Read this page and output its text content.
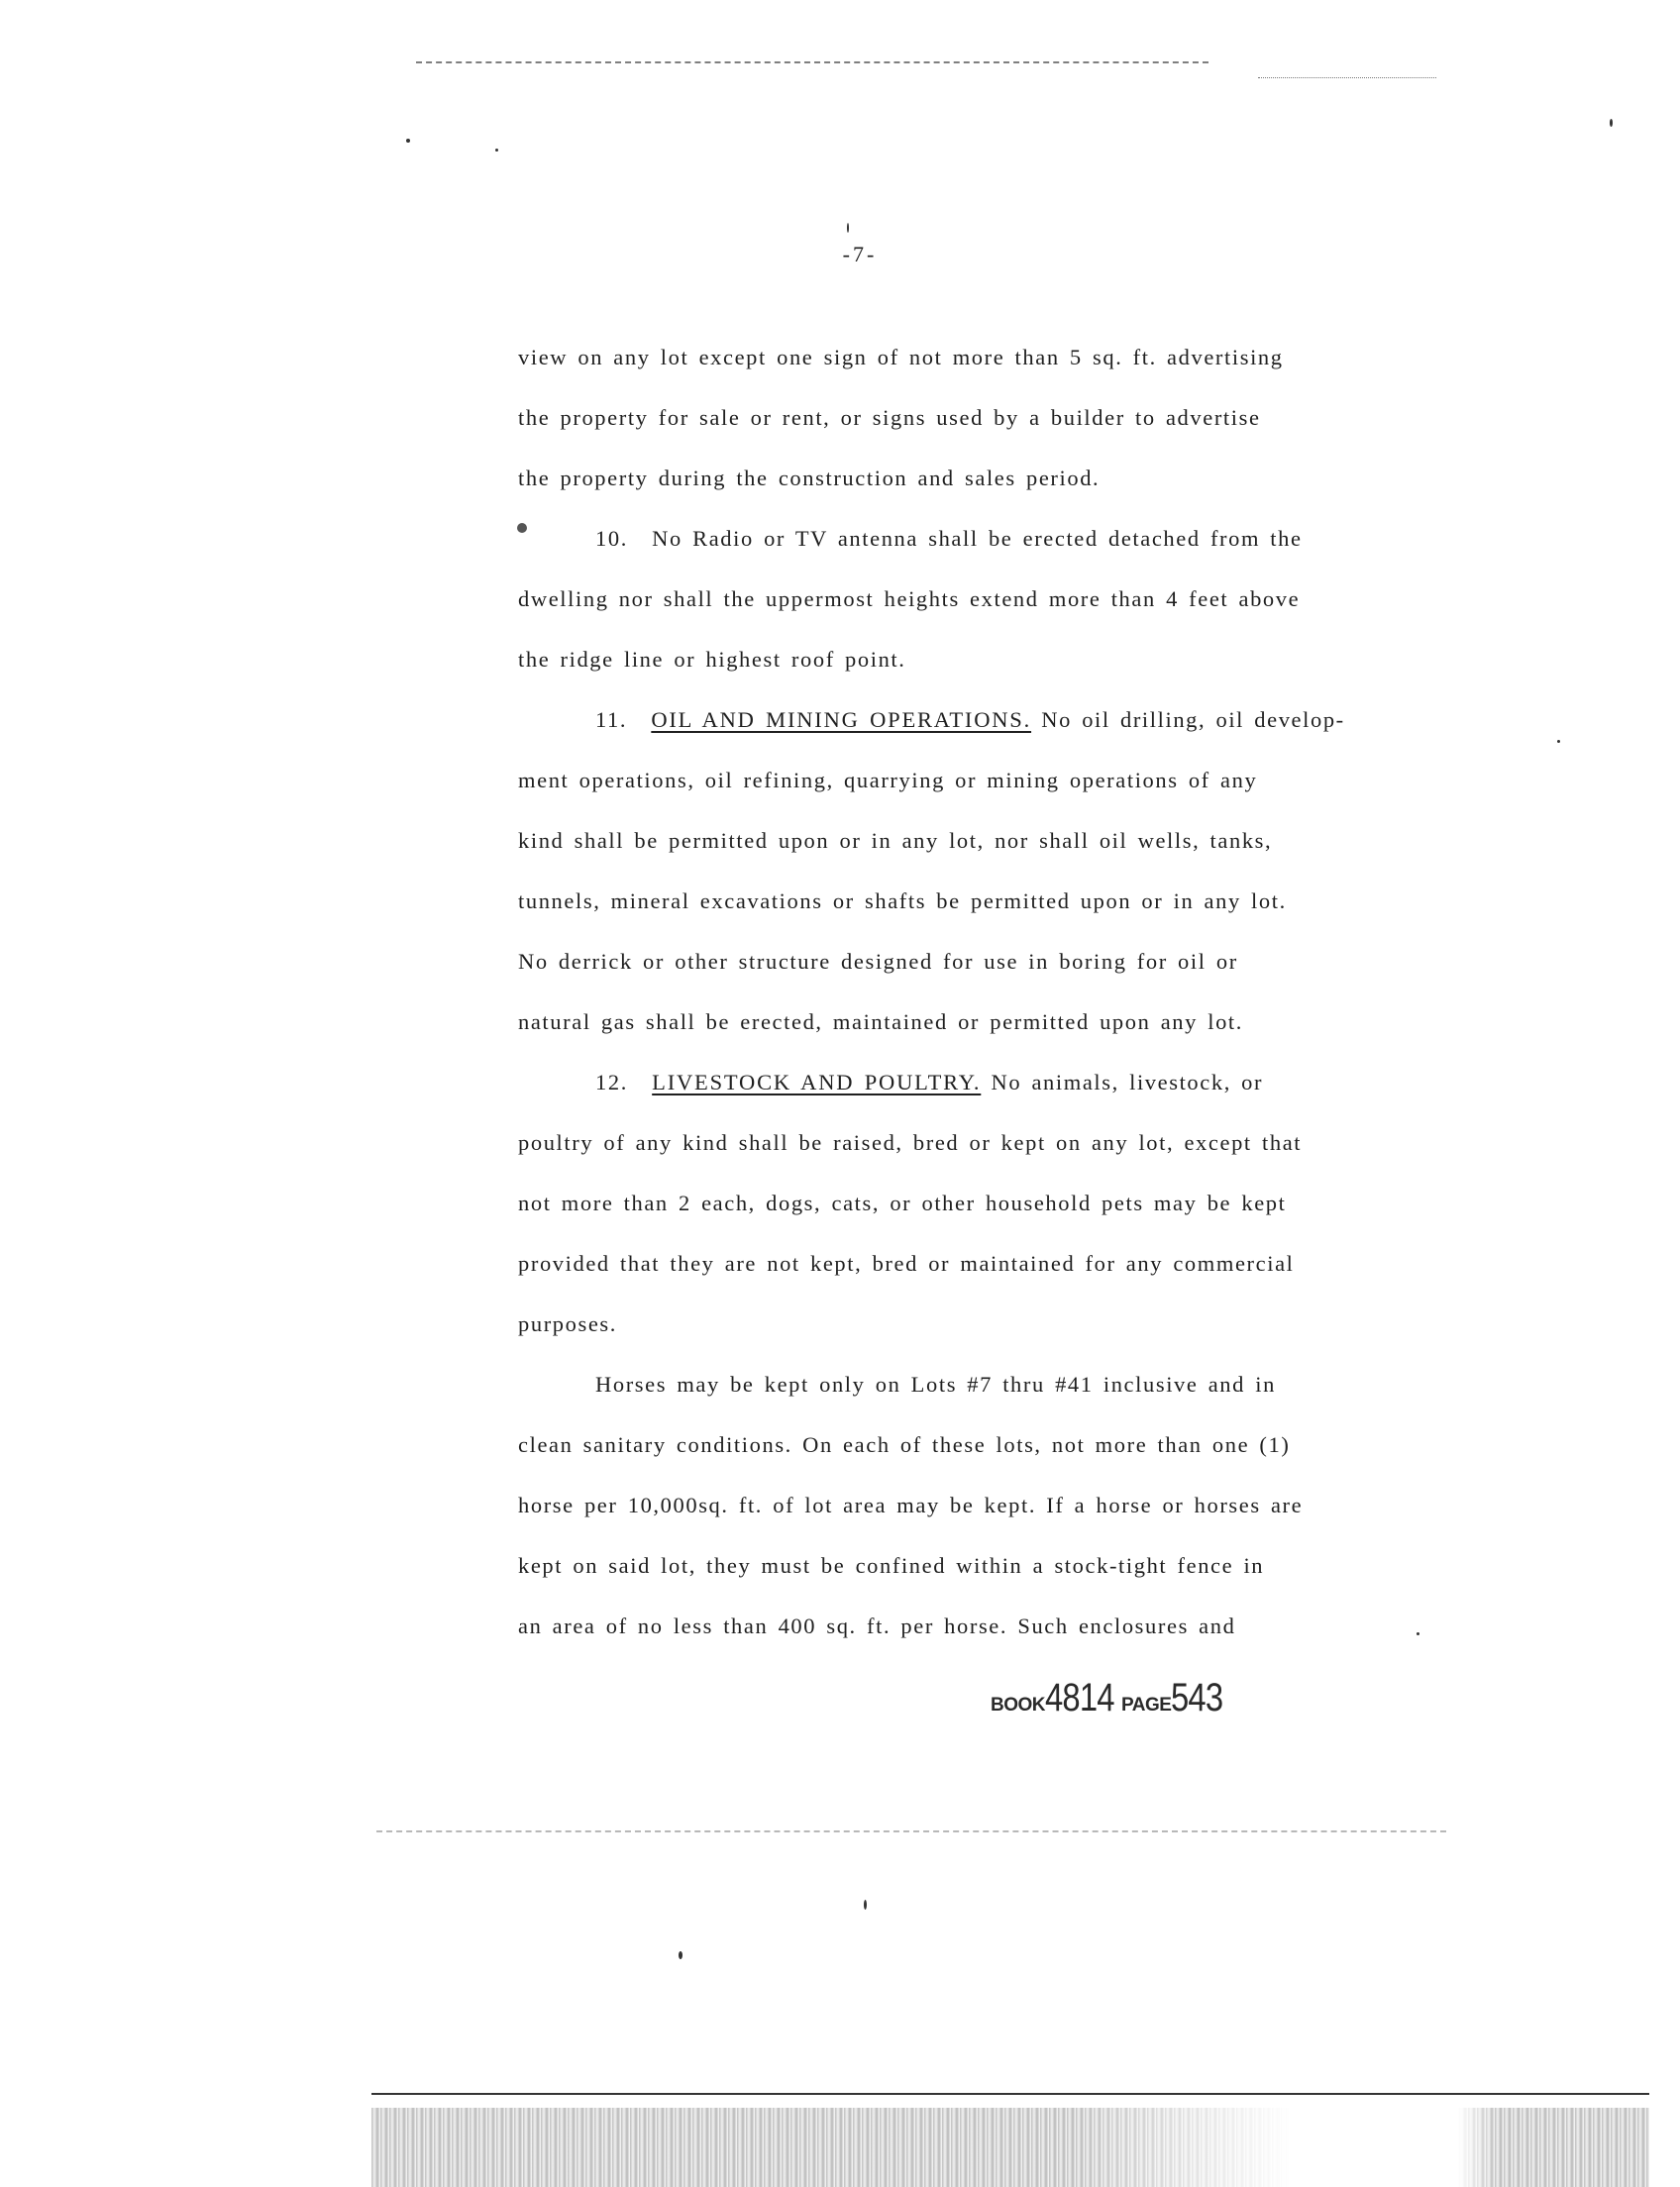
-7-
view on any lot except one sign of not more than 5 sq. ft. advertising
the property for sale or rent, or signs used by a builder to advertise
the property during the construction and sales period.
10. No Radio or TV antenna shall be erected detached from the
dwelling nor shall the uppermost heights extend more than 4 feet above
the ridge line or highest roof point.
11. OIL AND MINING OPERATIONS. No oil drilling, oil develop-
ment operations, oil refining, quarrying or mining operations of any
kind shall be permitted upon or in any lot, nor shall oil wells, tanks,
tunnels, mineral excavations or shafts be permitted upon or in any lot.
No derrick or other structure designed for use in boring for oil or
natural gas shall be erected, maintained or permitted upon any lot.
12. LIVESTOCK AND POULTRY. No animals, livestock, or
poultry of any kind shall be raised, bred or kept on any lot, except that
not more than 2 each, dogs, cats, or other household pets may be kept
provided that they are not kept, bred or maintained for any commercial
purposes.
Horses may be kept only on Lots #7 thru #41 inclusive and in
clean sanitary conditions. On each of these lots, not more than one (1)
horse per 10,000sq. ft. of lot area may be kept. If a horse or horses are
kept on said lot, they must be confined within a stock-tight fence in
an area of no less than 400 sq. ft. per horse. Such enclosures and
BOOK4814 PAGE543
